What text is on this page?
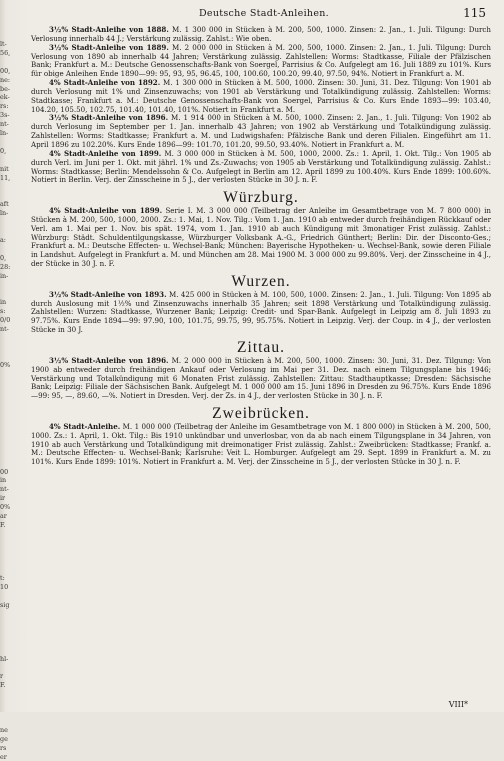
lt-
56,

00,
ne:
be-
ek-
rs:
3s-
nt-
ln-

0,

nit
11,

aft
ln-

a:

0,
28:
in-

in
s:
0/0
nt-

0%

00
in
nt-
ir
0%
ar
F.

t:
10

sig

hl-

r
F.

ne
ge
rs
er
Deutsche Stadt-Anleihen.	115

3½% Stadt-Anleihe von 1888. M. 1 300 000 in Stücken à M. 200, 500, 1000. Zinsen: 2. Jan., 1. Juli. Tilgung: Durch Verlosung innerhalb 44 J.; Verstärkung zulässig. Zahlst.: Wie oben.

3½% Stadt-Anleihe von 1889. M. 2 000 000 in Stücken à M. 200, 500, 1000. Zinsen: 2. Jan., 1. Juli. Tilgung: Durch Verlosung von 1890 ab innerhalb 44 Jahren; Verstärkung zulässig. Zahlstellen: Worms: Stadtkasse, Filiale der Pfälzischen Bank; Frankfurt a. M.: Deutsche Genossenschafts-Bank von Soergel, Parrisius & Co. Aufgelegt am 16. Juli 1889 zu 101%. Kurs für obige Anleihen Ende 1890—99: 95, 93, 95, 96.45, 100, 100.60, 100.20, 99.40, 97.50, 94%. Notiert in Frankfurt a. M.

4% Stadt-Anleihe von 1892. M. 1 300 000 in Stücken à M. 500, 1000. Zinsen: 30. Juni, 31. Dez. Tilgung: Von 1901 ab durch Verlosung mit 1% und Zinsenzuwachs; von 1901 ab Verstärkung und Totalkündigung zulässig. Zahlstellen: Worms: Stadtkasse; Frankfurt a. M.: Deutsche Genossenschafts-Bank von Soergel, Parrisius & Co. Kurs Ende 1893—99: 103.40, 104.20, 105.50, 102.75, 101.40, 101.40, 101%. Notiert in Frankfurt a. M.

3½% Stadt-Anleihe von 1896. M. 1 914 000 in Stücken à M. 500, 1000. Zinsen: 2. Jan., 1. Juli. Tilgung: Von 1902 ab durch Verlosung im September per 1. Jan. innerhalb 43 Jahren; von 1902 ab Verstärkung und Totalkündigung zulässig. Zahlstellen: Worms: Stadtkasse; Frankfurt a. M. und Ludwigshafen: Pfälzische Bank und deren Filialen. Eingeführt am 11. April 1896 zu 102.20%. Kurs Ende 1896—99: 101.70, 101.20, 99.50, 93.40%. Notiert in Frankfurt a. M.

4% Stadt-Anleihe von 1899. M. 3 000 000 in Stücken à M. 500, 1000, 2000. Zs.: 1. April, 1. Okt. Tilg.: Von 1905 ab durch Verl. im Juni per 1. Okt. mit jährl. 1% und Zs.-Zuwachs; von 1905 ab Verstärkung und Totalkündigung zulässig. Zahlst.: Worms: Stadtkasse; Berlin: Mendelssohn & Co. Aufgelegt in Berlin am 12. April 1899 zu 100.40%. Kurs Ende 1899: 100.60%. Notiert in Berlin. Verj. der Zinsscheine in 5 J., der verlosten Stücke in 30 J. n. F.

Würzburg.

4% Stadt-Anleihe von 1899. Serie I. M. 3 000 000 (Teilbetrag der Anleihe im Gesamtbetrage von M. 7 800 000) in Stücken à M. 200, 500, 1000, 2000. Zs.: 1. Mai, 1. Nov. Tilg.: Vom 1. Jan. 1910 ab entweder durch freihändigen Rückkauf oder Verl. am 1. Mai per 1. Nov. bis spät. 1974, vom 1. Jan. 1910 ab auch Kündigung mit 3monatiger Frist zulässig. Zahlst.: Würzburg: Städt. Schuldentilgungskasse, Würzburger Volksbank A.-G., Friedrich Günthert; Berlin: Dir. der Disconto-Ges.; Frankfurt a. M.: Deutsche Effecten- u. Wechsel-Bank; München: Bayerische Hypotheken- u. Wechsel-Bank, sowie deren Filiale in Landshut. Aufgelegt in Frankfurt a. M. und München am 28. Mai 1900 M. 3 000 000 zu 99.80%. Verj. der Zinsscheine in 4 J., der Stücke in 30 J. n. F.

Wurzen.

3½% Stadt-Anleihe von 1893. M. 425 000 in Stücken à M. 100, 500, 1000. Zinsen: 2. Jan., 1. Juli. Tilgung: Von 1895 ab durch Auslosung mit 1½% und Zinsenzuwachs innerhalb 35 Jahren; seit 1898 Verstärkung und Totalkündigung zulässig. Zahlstellen: Wurzen: Stadtkasse, Wurzener Bank; Leipzig: Credit- und Spar-Bank. Aufgelegt in Leipzig am 8. Juli 1893 zu 97.75%. Kurs Ende 1894—99: 97.90, 100, 101.75, 99.75, 99, 95.75%. Notiert in Leipzig. Verj. der Coup. in 4 J., der verlosten Stücke in 30 J.

Zittau.

3½% Stadt-Anleihe von 1896. M. 2 000 000 in Stücken à M. 200, 500, 1000. Zinsen: 30. Juni, 31. Dez. Tilgung: Von 1900 ab entweder durch freihändigen Ankauf oder Verlosung im Mai per 31. Dez. nach einem Tilgungsplane bis 1946; Verstärkung und Totalkündigung mit 6 Monaten Frist zulässig. Zahlstellen: Zittau: Stadthauptkasse; Dresden: Sächsische Bank; Leipzig: Filiale der Sächsischen Bank. Aufgelegt M. 1 000 000 am 15. Juni 1896 in Dresden zu 96.75%. Kurs Ende 1896—99: 95, —, 89.60, —%. Notiert in Dresden. Verj. der Zs. in 4 J., der verlosten Stücke in 30 J. n. F.

Zweibrücken.

4% Stadt-Anleihe. M. 1 000 000 (Teilbetrag der Anleihe im Gesamtbetrage von M. 1 800 000) in Stücken à M. 200, 500, 1000. Zs.: 1. April, 1. Okt. Tilg.: Bis 1910 unkündbar und unverlosbar, von da ab nach einem Tilgungsplane in 34 Jahren, von 1910 ab auch Verstärkung und Totalkündigung mit dreimonatiger Frist zulässig. Zahlst.: Zweibrücken: Stadtkasse; Frankf. a. M.: Deutsche Effecten- u. Wechsel-Bank; Karlsruhe: Veit L. Homburger. Aufgelegt am 29. Sept. 1899 in Frankfurt a. M. zu 101%. Kurs Ende 1899: 101%. Notiert in Frankfurt a. M. Verj. der Zinsscheine in 5 J., der verlosten Stücke in 30 J. n. F.

VIII*
